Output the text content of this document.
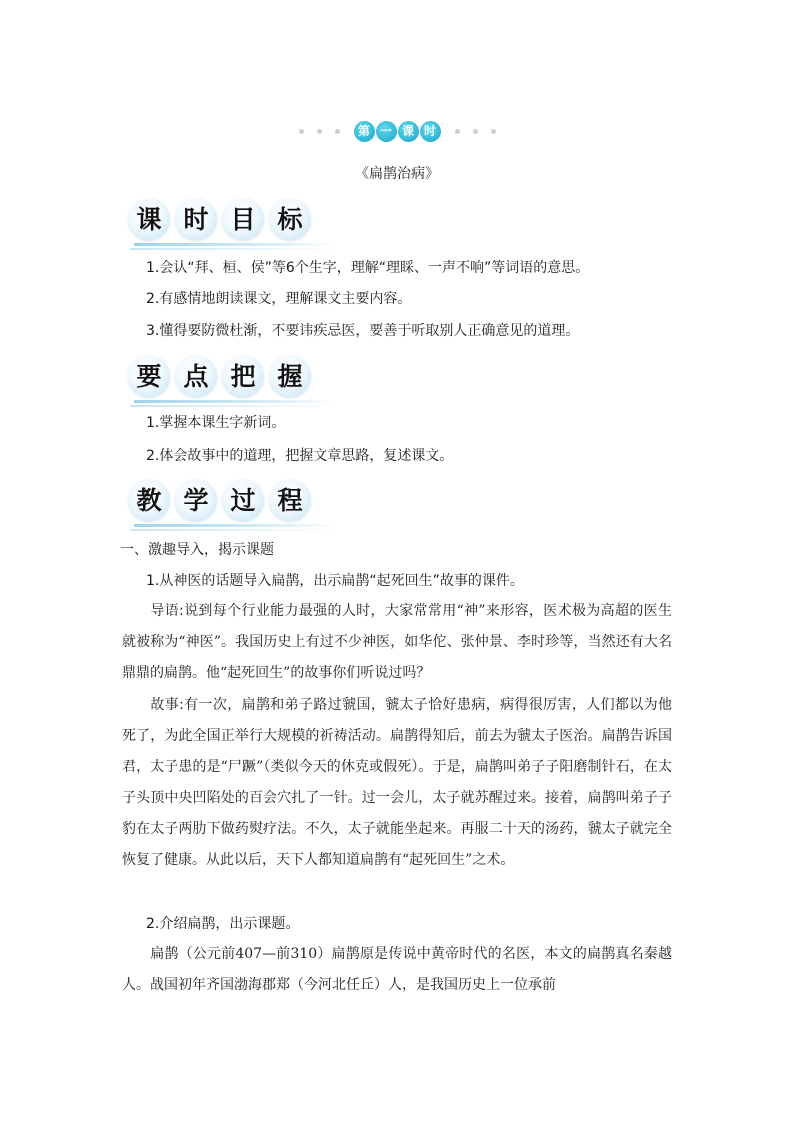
第 一 课 时
《扁鹊治病》
课 时 目 标
1.会认“拜、桓、侯”等6个生字，理解“理睬、一声不响”等词语的意思。
2.有感情地朗读课文，理解课文主要内容。
3.懂得要防微杜渐，不要讳疾忌医，要善于听取别人正确意见的道理。
要 点 把 握
1.掌握本课生字新词。
2.体会故事中的道理，把握文章思路，复述课文。
教 学 过 程
一、激趣导入，揭示课题
1.从神医的话题导入扁鹊，出示扁鹊“起死回生”故事的课件。
导语:说到每个行业能力最强的人时，大家常常用“神”来形容，医术极为高超的医生就被称为“神医”。我国历史上有过不少神医，如华佗、张仲景、李时珍等，当然还有大名鼎鼎的扁鹊。他“起死回生”的故事你们听说过吗？
故事:有一次，扁鹊和弟子路过虢国，虢太子恰好患病，病得很厉害，人们都以为他死了，为此全国正举行大规模的祈祷活动。扁鹊得知后，前去为虢太子医治。扁鹊告诉国君，太子患的是“尸蹶”（类似今天的休克或假死）。于是，扁鹊叫弟子子阳磨制针石，在太子头顶中央凹陷处的百会穴扎了一针。过一会儿，太子就苏醒过来。接着，扁鹊叫弟子子豹在太子两肋下做药熨疗法。不久，太子就能坐起来。再服二十天的汤药，虢太子就完全恢复了健康。从此以后，天下人都知道扁鹊有“起死回生”之术。
2.介绍扁鹊，出示课题。
扁鹊（公元前407—前310）扁鹊原是传说中黄帝时代的名医，本文的扁鹊真名秦越人。战国初年齐国渤海郡郑（今河北任丘）人，是我国历史上一位承前
